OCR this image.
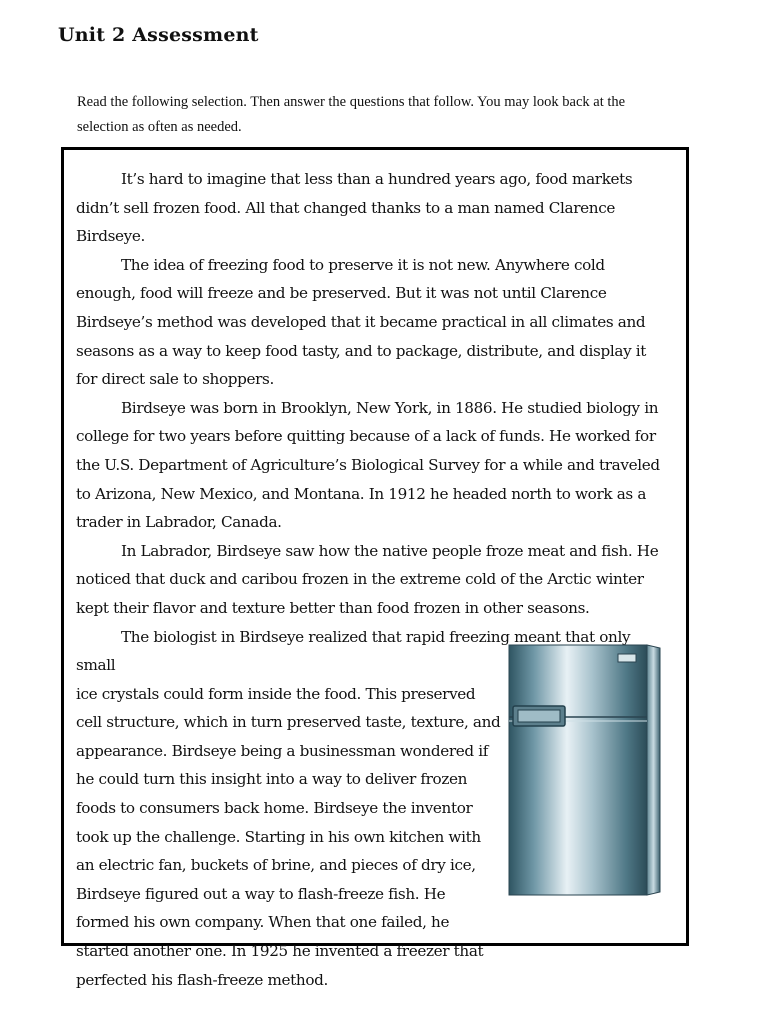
Unit 2 Assessment

Read the following selection. Then answer the questions that follow. You may look back at the selection as often as needed.

It’s hard to imagine that less than a hundred years ago, food markets didn’t sell frozen food. All that changed thanks to a man named Clarence Birdseye.

The idea of freezing food to preserve it is not new. Anywhere cold enough, food will freeze and be preserved. But it was not until Clarence Birdseye’s method was developed that it became practical in all climates and seasons as a way to keep food tasty, and to package, distribute, and display it for direct sale to shoppers.

Birdseye was born in Brooklyn, New York, in 1886. He studied biology in college for two years before quitting because of a lack of funds. He worked for the U.S. Department of Agriculture’s Biological Survey for a while and traveled to Arizona, New Mexico, and Montana. In 1912 he headed north to work as a trader in Labrador, Canada.

In Labrador, Birdseye saw how the native people froze meat and fish. He noticed that duck and caribou frozen in the extreme cold of the Arctic winter kept their flavor and texture better than food frozen in other seasons.

The biologist in Birdseye realized that rapid freezing meant that only small
ice crystals could form inside the food. This preserved cell structure, which in turn preserved taste, texture, and appearance. Birdseye being a businessman wondered if he could turn this insight into a way to deliver frozen foods to consumers back home. Birdseye the inventor took up the challenge. Starting in his own kitchen with an electric fan, buckets of brine, and pieces of dry ice, Birdseye figured out a way to flash-freeze fish. He formed his own company. When that one failed, he started another one. In 1925 he invented a freezer that perfected his flash-freeze method.
